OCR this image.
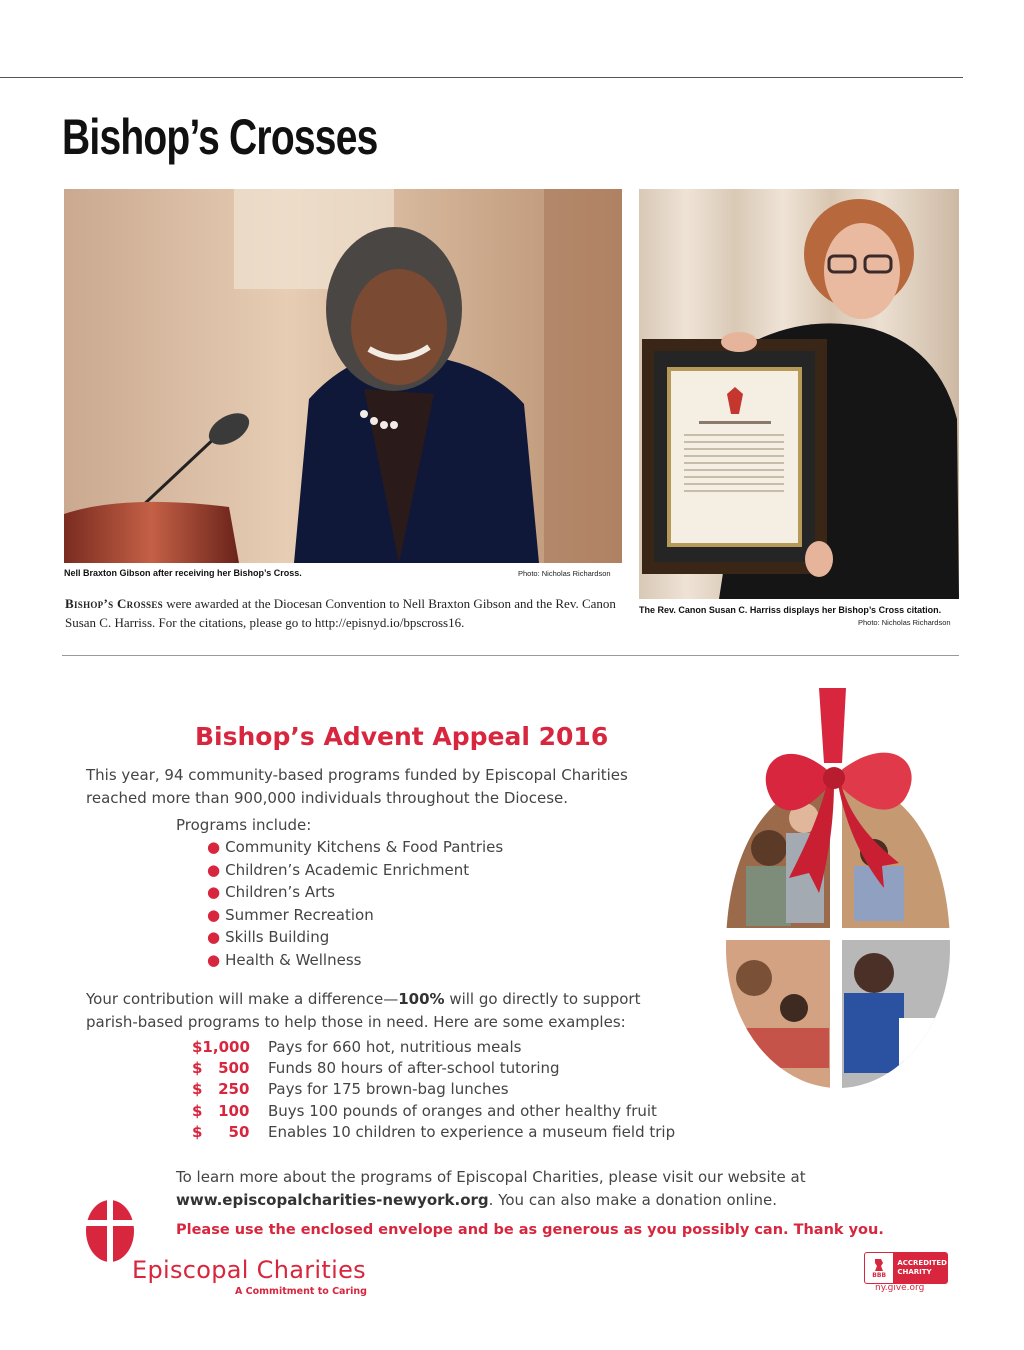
Bishop’s Crosses
Nell Braxton Gibson after receiving her Bishop’s Cross.	Photo: Nicholas Richardson
The Rev. Canon Susan C. Harriss displays her Bishop’s Cross citation.
Photo: Nicholas Richardson

Bishop’s Crosses were awarded at the Diocesan Convention to Nell Braxton Gibson and the Rev. Canon Susan C. Harriss. For the citations, please go to http://episnyd.io/bpscross16.

Bishop’s Advent Appeal 2016

This year, 94 community-based programs funded by Episcopal Charities reached more than 900,000 individuals throughout the Diocese.

Programs include:

● Community Kitchens & Food Pantries
● Children’s Academic Enrichment
● Children’s Arts
● Summer Recreation
● Skills Building
● Health & Wellness

Your contribution will make a difference—100% will go directly to support parish-based programs to help those in need. Here are some examples:

$1,000	Pays for 660 hot, nutritious meals
$   500	Funds 80 hours of after-school tutoring
$   250	Pays for 175 brown-bag lunches
$   100	Buys 100 pounds of oranges and other healthy fruit
$     50	Enables 10 children to experience a museum field trip

To learn more about the programs of Episcopal Charities, please visit our website at
www.episcopalcharities-newyork.org. You can also make a donation online.

Please use the enclosed envelope and be as generous as you possibly can. Thank you.

Episcopal Charities

A Commitment to Caring

BBB
ACCREDITED
CHARITY
ny.give.org
